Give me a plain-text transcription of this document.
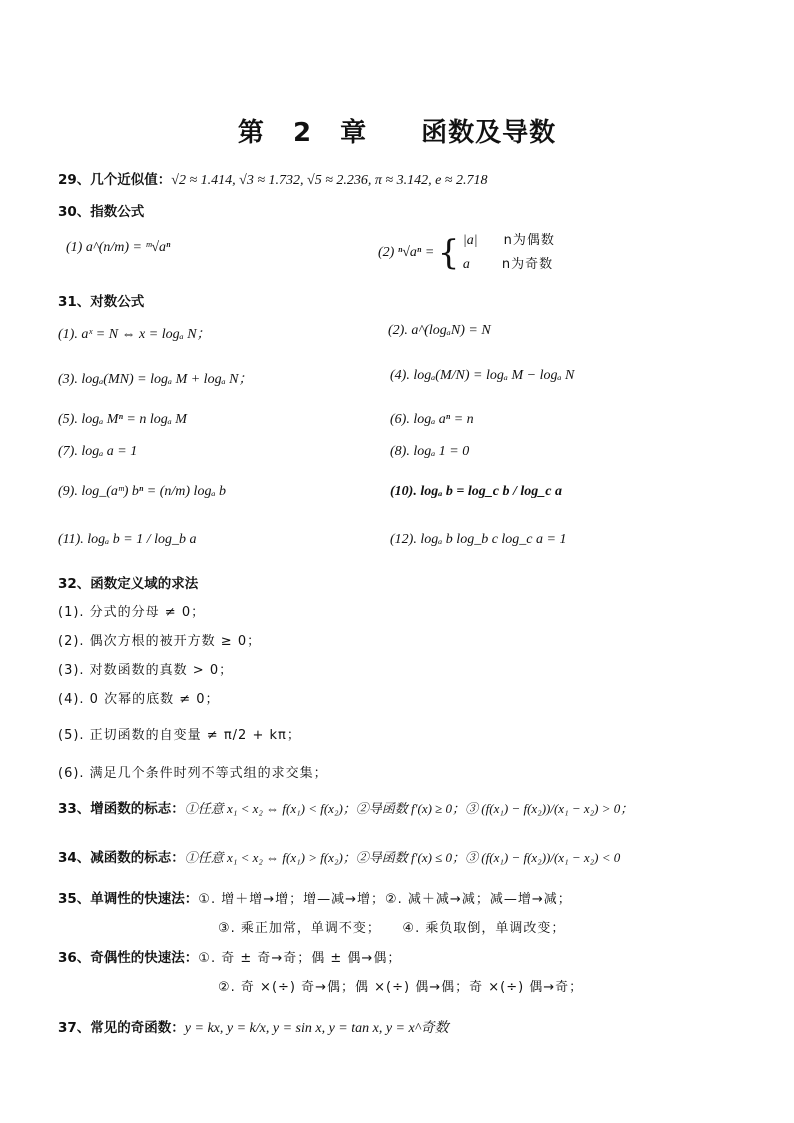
第 2 章　　函数及导数
29、几个近似值：√2 ≈ 1.414, √3 ≈ 1.732, √5 ≈ 2.236, π ≈ 3.142, e ≈ 2.718
30、指数公式
(1) a^(n/m) = ᵐ√aⁿ	(2) ⁿ√aⁿ = { |a| n为偶数
a n为奇数
31、对数公式
(1). aˣ = N ⇔ x = logₐ N；	(2). a^(logₐN) = N
(3). logₐ(MN) = logₐ M + logₐ N；	(4). logₐ(M/N) = logₐ M − logₐ N
(5). logₐ Mⁿ = n logₐ M	(6). logₐ aⁿ = n
(7). logₐ a = 1	(8). logₐ 1 = 0
(9). log_(aᵐ) bⁿ = (n/m) logₐ b	(10). logₐ b = log_c b / log_c a
(11). logₐ b = 1 / log_b a	(12). logₐ b log_b c log_c a = 1
32、函数定义域的求法
(1). 分式的分母 ≠ 0；
(2). 偶次方根的被开方数 ≥ 0；
(3). 对数函数的真数 > 0；
(4). 0 次幂的底数 ≠ 0；
(5). 正切函数的自变量 ≠ π/2 + kπ；
(6). 满足几个条件时列不等式组的求交集；
33、增函数的标志：①任意 x₁ < x₂ ⇔ f(x₁) < f(x₂)；②导函数 f′(x) ≥ 0；③ (f(x₁) − f(x₂))/(x₁ − x₂) > 0；
34、减函数的标志：①任意 x₁ < x₂ ⇔ f(x₁) > f(x₂)；②导函数 f′(x) ≤ 0；③ (f(x₁) − f(x₂))/(x₁ − x₂) < 0
35、单调性的快速法：①. 增＋增→增；增—减→增；②. 减＋减→减；减—增→减；
③. 乘正加常，单调不变；　　④. 乘负取倒，单调改变；
36、奇偶性的快速法：①. 奇 ± 奇→奇；偶 ± 偶→偶；
②. 奇 ×(÷) 奇→偶；偶 ×(÷) 偶→偶；奇 ×(÷) 偶→奇；
37、常见的奇函数：y = kx, y = k/x, y = sin x, y = tan x, y = x^奇数
